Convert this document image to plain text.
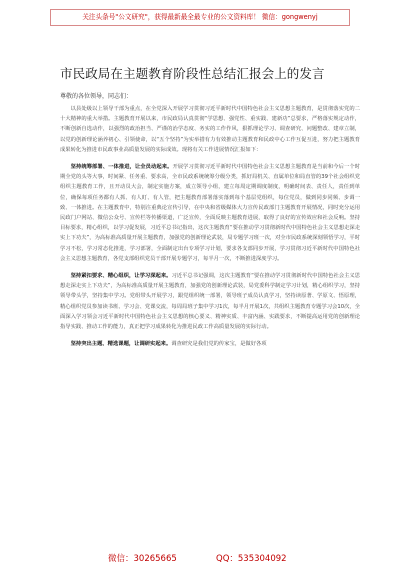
关注头条号"公文研究"，获得最新最全最专业的公文资料库！ 微信：gongwenyj
市民政局在主题教育阶段性总结汇报会上的发言
尊敬的各位领导，同志们：

以县处级以上领导干部为重点，在全党深入开展学习贯彻习近平新时代中国特色社会主义思想主题教育，是贯彻落实党的二十大精神的重大举措。主题教育开展以来，市民政局认真贯彻“学思想、强党性、重实践、建新功”总要求，严格落实规定动作，不断创新自选动作，以强烈的政治担当、严谨的治学态度、务实的工作作风，狠抓理论学习、调查研究、问题整改、建章立制，以党的创新理论涵养初心、引领使命，以“五个坚持”为实举措有力有效推动主题教育和民政中心工作互促互进，努力把主题教育成果转化为推进市民政事业高质量发展的实际成效。现将有关工作进展情况汇报如下：

坚持统筹部署、一体推进，让全员动起来。开展学习贯彻习近平新时代中国特色社会主义思想主题教育是当前和今后一个时期全党的头等大事，时间紧、任务重、要求高，全市民政系统统筹分级分类，抓好局机关、直属单位和局直管的39个社会组织党组织主题教育工作，且开动员大会，制定实施方案，成立领导小组，建立每周定期调度制度，明确时间表、责任人，责任到单位，确保每项任务都有人抓、有人盯、有人管，把主题教育部署落实落到每个基层党组织，每位党员，做到同步同频、步调一致、一体推进。在主题教育中，特别注重典论宣传引导，在中央和省级媒体大力宣传民政部门主题教育开展情况，同时充分运用民政门户网站、微信公众号、宣传栏等传播渠道，广泛宣传，全面反映主题教育进展，取得了良好的宣传效应和社会反响。坚持目标要求，精心组织，以学习促发展，习近平总书记指出，这次主题教育“要在推动学习贯彻新时代中国特色社会主义思想走深走实上下功夫”，为高标准高质量开展主题教育，加强党的创新理论武装，局专题学习班一次，对全市民政系统深刻领悟学习，平时学习不松，学习常态化推进，学习部署，全面制定出台专项学习计划，要求各支部同步开展，学习贯彻习近平新时代中国特色社会主义思想主题教育，各党支部组织党员干部开展专题学习，每半月一次，不断推进深度学习。

坚持紧扣要求、精心组织，让学习深起来。习近平总书记强调，这次主题教育“要在推动学习贯彻新时代中国特色社会主义思想走深走实上下功夫”，为高标准高质量开展主题教育，加强党的创新理论武装，局党委科学制定学习计划，精心组织学习，坚持领导带头学，坚持集中学习。党组带头开展学习，跟党组织统一部署，领导班子成员认真学习，坚持读原著、学原文、悟原理，精心组织党员参加读书班、学习会、党课交流，每周局班子集中学习1次，每半月开展1次，共组织主题教育专题学习会10次，全面深入学习领会习近平新时代中国特色社会主义思想的核心要义、精神实质、丰富内涵、实践要求，不断提高运用党的创新理论指导实践、推动工作的能力，真正把学习成果转化为推进民政工作高质量发展的实际行动。

坚持突出主题、精选课题，让调研实起来。调查研究是我们党的传家宝，是做好各项

微信：30265665	QQ：535304092
